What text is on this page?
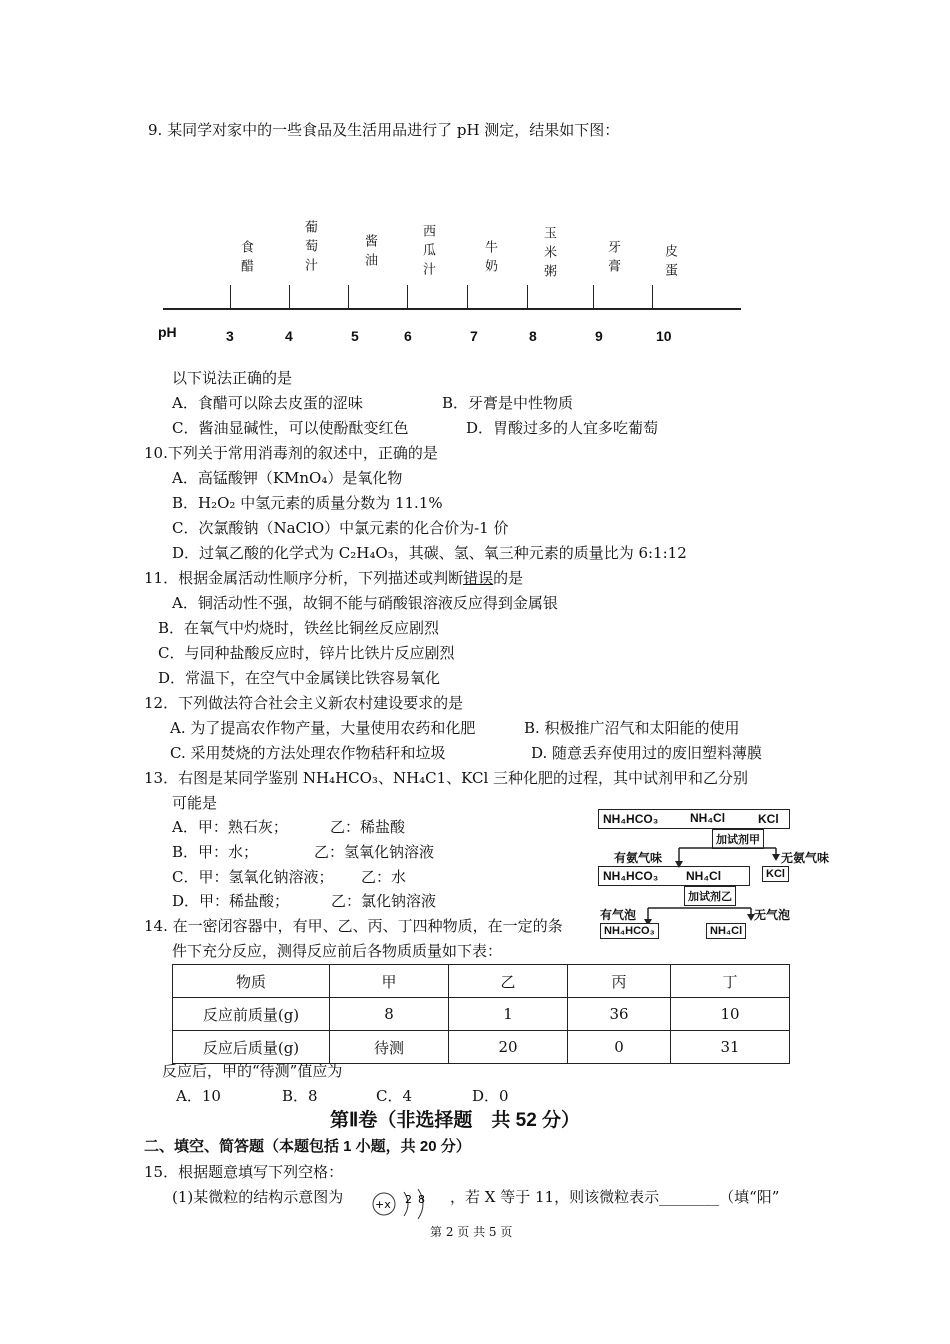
9. 某同学对家中的一些食品及生活用品进行了 pH 测定，结果如下图：
pH
食醋	葡萄汁	酱油	西瓜汁	牛奶	玉米粥	牙膏	皮蛋
3	4	5	6	7	8	9	10
以下说法正确的是
A．食醋可以除去皮蛋的涩味	B．牙膏是中性物质
C．酱油显碱性，可以使酚酞变红色	D．胃酸过多的人宜多吃葡萄
10.下列关于常用消毒剂的叙述中，正确的是
A．高锰酸钾（KMnO₄）是氧化物
B．H₂O₂ 中氢元素的质量分数为 11.1%
C．次氯酸钠（NaClO）中氯元素的化合价为-1 价
D．过氧乙酸的化学式为 C₂H₄O₃，其碳、氢、氧三种元素的质量比为 6:1:12
11．根据金属活动性顺序分析，下列描述或判断错误的是
A．铜活动性不强，故铜不能与硝酸银溶液反应得到金属银
B．在氧气中灼烧时，铁丝比铜丝反应剧烈
C．与同种盐酸反应时，锌片比铁片反应剧烈
D．常温下，在空气中金属镁比铁容易氧化
12．下列做法符合社会主义新农村建设要求的是
A. 为了提高农作物产量，大量使用农药和化肥	B. 积极推广沼气和太阳能的使用
C. 采用焚烧的方法处理农作物秸秆和垃圾	D. 随意丢弃使用过的废旧塑料薄膜
13．右图是某同学鉴别 NH₄HCO₃、NH₄C1、KCl 三种化肥的过程，其中试剂甲和乙分别
可能是
A．甲：熟石灰；	乙：稀盐酸
B．甲：水；	乙：氢氧化钠溶液
C．甲：氢氧化钠溶液； 乙：水
D．甲：稀盐酸；	乙：氯化钠溶液
NH₄HCO₃	NH₄Cl	KCl
加试剂甲
有氨气味	无氨气味
NH₄HCO₃ NH₄Cl	KCl
加试剂乙
有气泡	无气泡
NH₄HCO₃	NH₄Cl
14. 在一密闭容器中，有甲、乙、丙、丁四种物质，在一定的条
件下充分反应，测得反应前后各物质质量如下表：
物质	甲	乙	丙	丁
反应前质量(g)	8	1	36	10
反应后质量(g)	待测	20	0	31
反应后，甲的“待测”值应为
A．10	B．8	C．4	D．0
第Ⅱ卷（非选择题　共 52 分）
二、填空、简答题（本题包括 1 小题，共 20 分）
15．根据题意填写下列空格：
(1)某微粒的结构示意图为	+x 2 8 ，若 X 等于 11，则该微粒表示________（填“阳”
第 2 页 共 5 页
